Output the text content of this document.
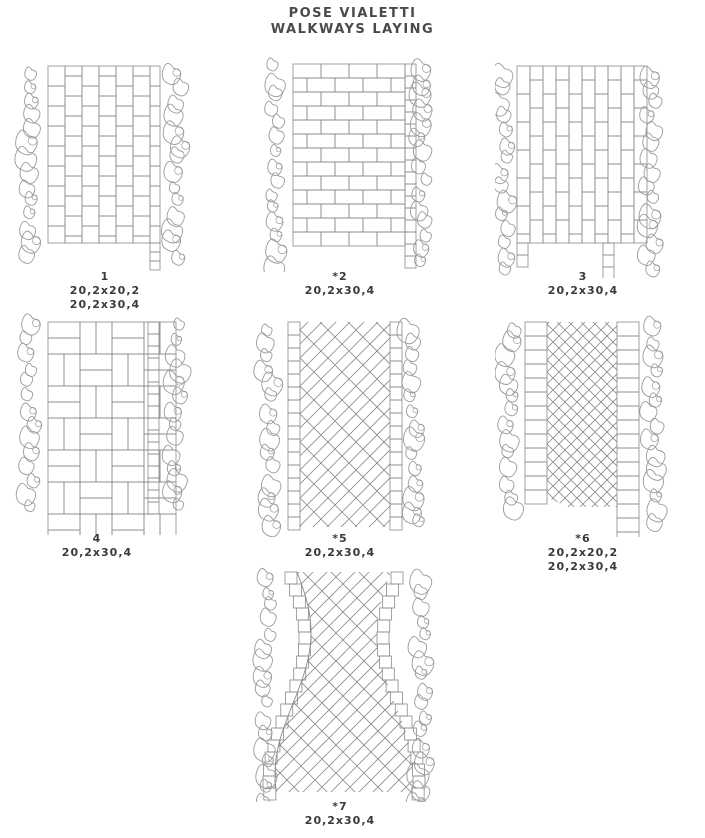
POSE VIALETTI
WALKWAYS LAYING
1
20,2x20,2
20,2x30,4
*2
20,2x30,4
3
20,2x30,4
4
20,2x30,4
*5
20,2x30,4
*6
20,2x20,2
20,2x30,4
*7
20,2x30,4
